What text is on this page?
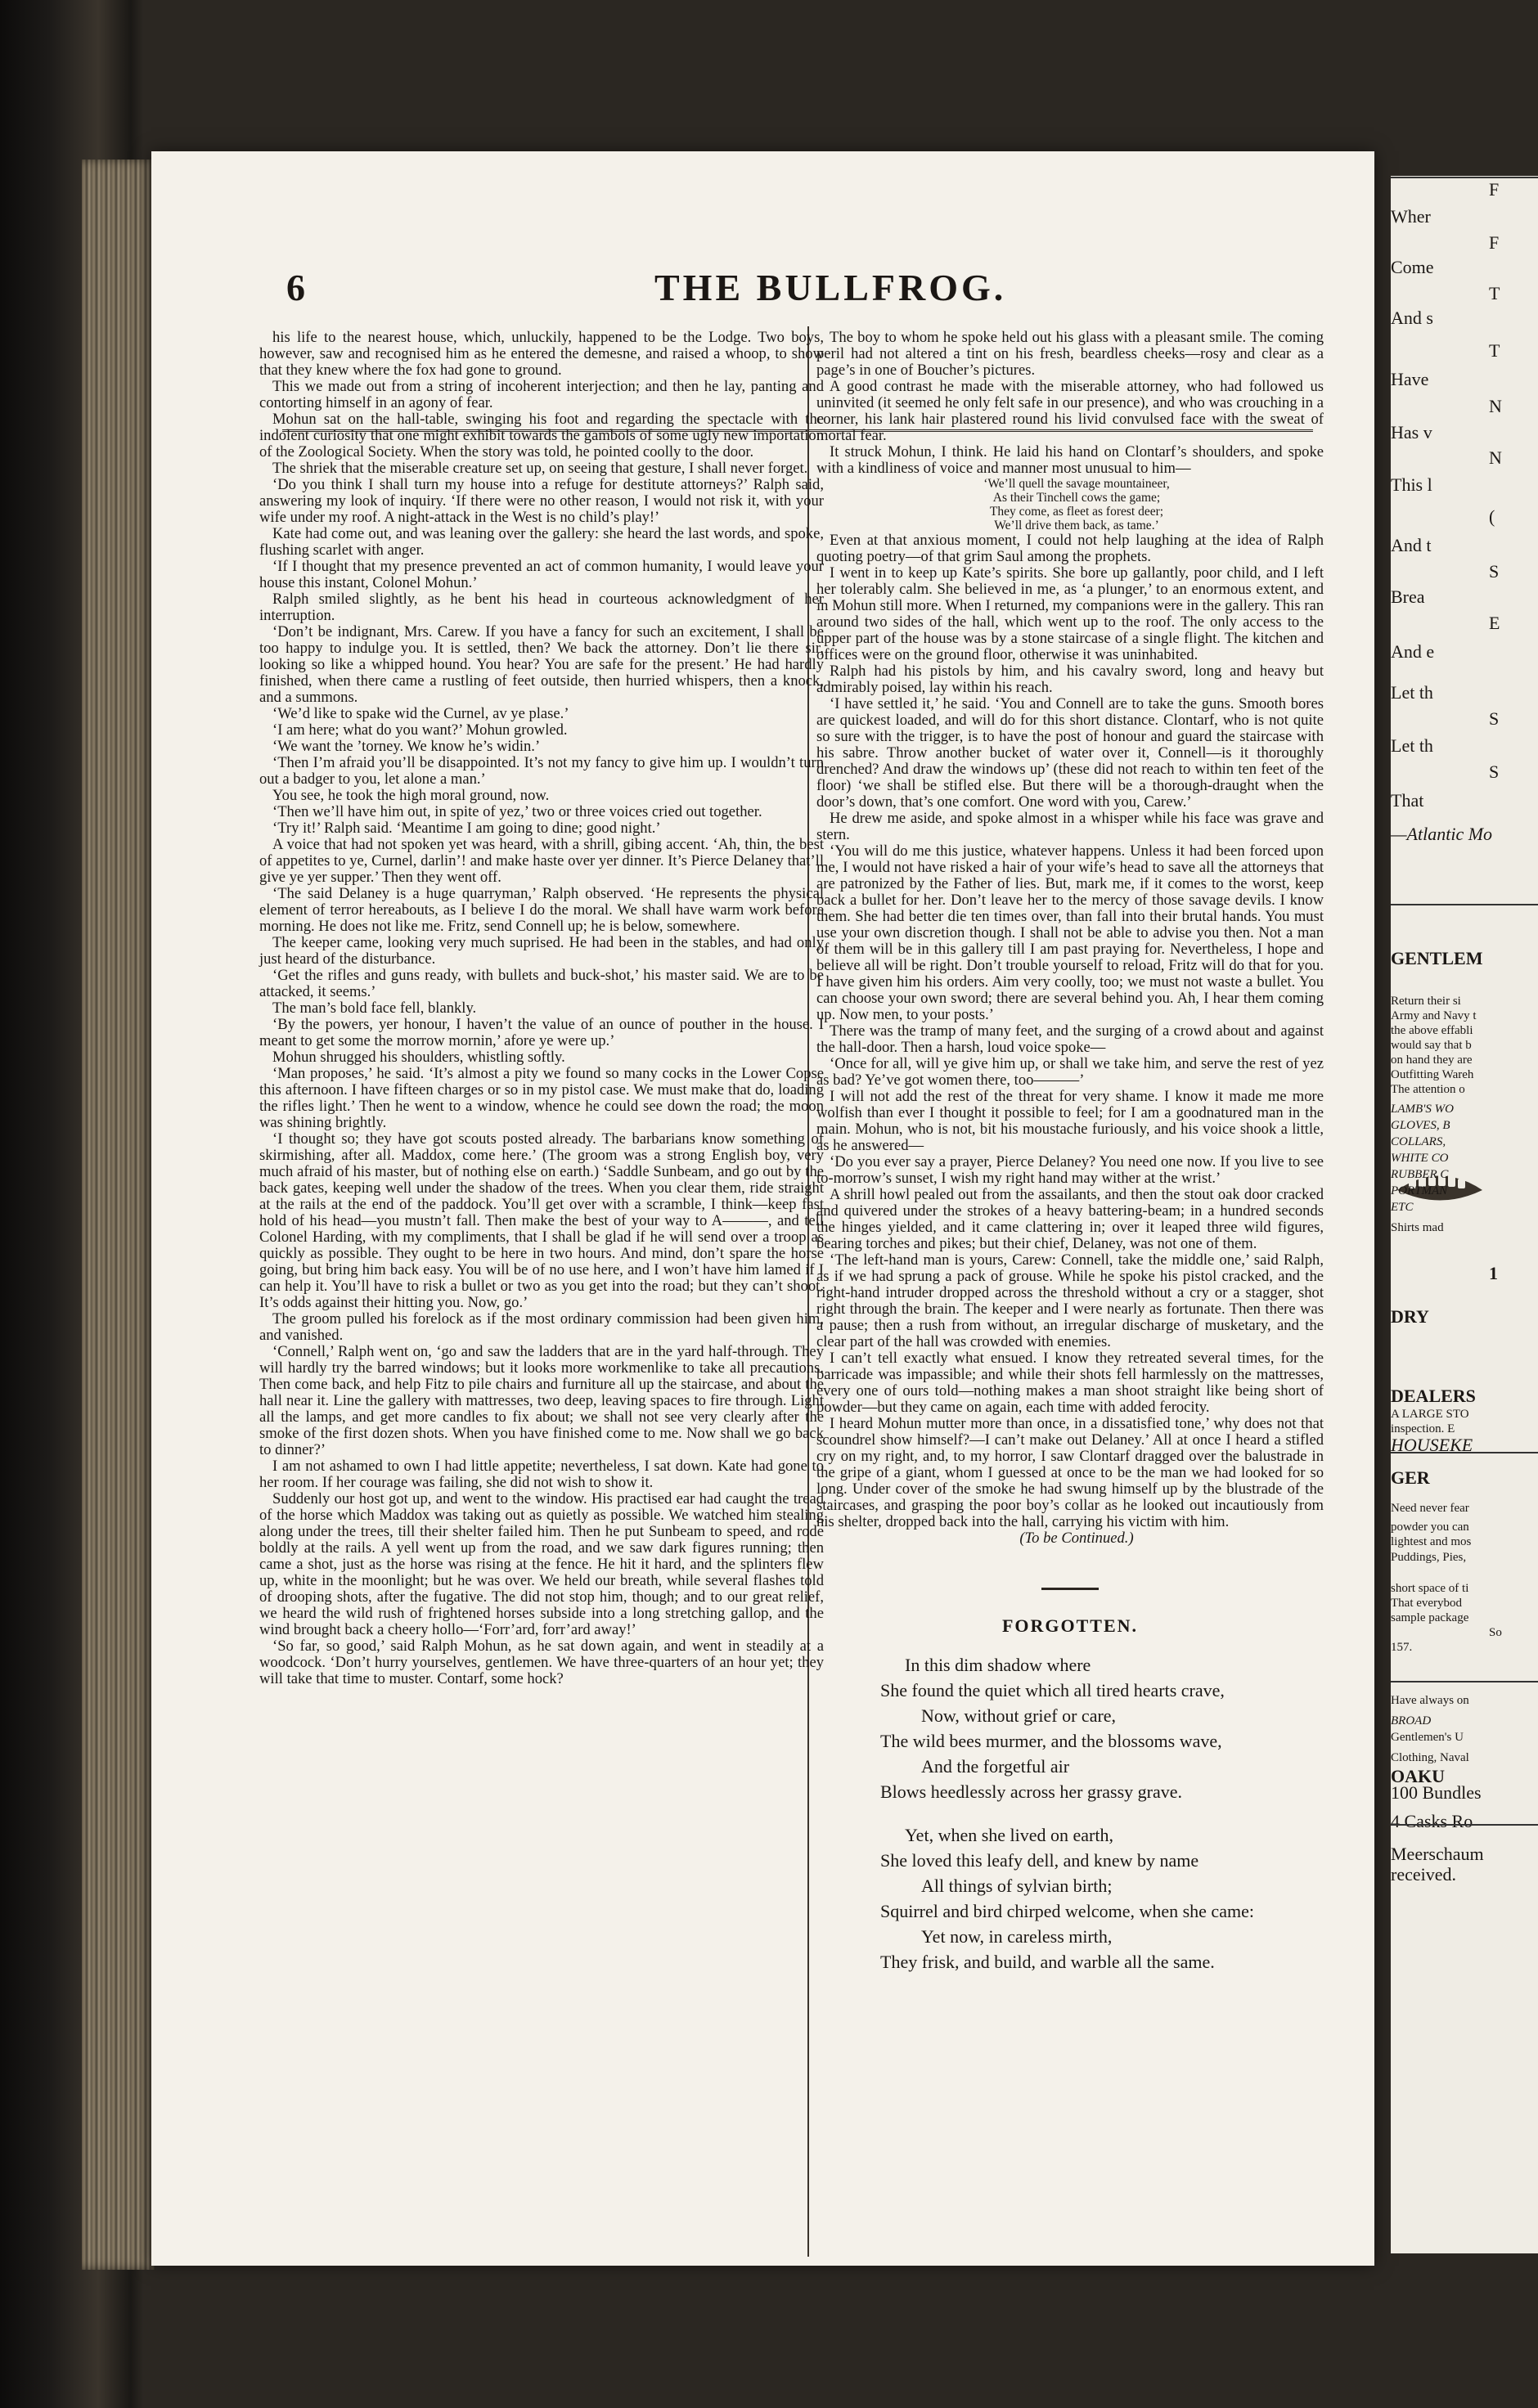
6	THE BULLFROG.

his life to the nearest house, which, unluckily, happened to be the Lodge. Two boys, however, saw and recognised him as he entered the demesne, and raised a whoop, to show that they knew where the fox had gone to ground.

This we made out from a string of incoherent interjection; and then he lay, panting and contorting himself in an agony of fear.

Mohun sat on the hall-table, swinging his foot and regarding the spectacle with the indolent curiosity that one might exhibit towards the gambols of some ugly new importation of the Zoological Society. When the story was told, he pointed coolly to the door.

The shriek that the miserable creature set up, on seeing that gesture, I shall never forget.

‘Do you think I shall turn my house into a refuge for destitute attorneys?’ Ralph said, answering my look of inquiry. ‘If there were no other reason, I would not risk it, with your wife under my roof. A night-attack in the West is no child’s play!’

Kate had come out, and was leaning over the gallery: she heard the last words, and spoke, flushing scarlet with anger.

‘If I thought that my presence prevented an act of common humanity, I would leave your house this instant, Colonel Mohun.’

Ralph smiled slightly, as he bent his head in courteous acknowledgment of her interruption.

‘Don’t be indignant, Mrs. Carew. If you have a fancy for such an excitement, I shall be too happy to indulge you. It is settled, then? We back the attorney. Don’t lie there sir, looking so like a whipped hound. You hear? You are safe for the present.’ He had hardly finished, when there came a rustling of feet outside, then hurried whispers, then a knock, and a summons.

‘We’d like to spake wid the Curnel, av ye plase.’

‘I am here; what do you want?’ Mohun growled.

‘We want the ’torney. We know he’s widin.’

‘Then I’m afraid you’ll be disappointed. It’s not my fancy to give him up. I wouldn’t turn out a badger to you, let alone a man.’

You see, he took the high moral ground, now.

‘Then we’ll have him out, in spite of yez,’ two or three voices cried out together.

‘Try it!’ Ralph said. ‘Meantime I am going to dine; good night.’

A voice that had not spoken yet was heard, with a shrill, gibing accent. ‘Ah, thin, the best of appetites to ye, Curnel, darlin’! and make haste over yer dinner. It’s Pierce Delaney that’ll give ye yer supper.’ Then they went off.

‘The said Delaney is a huge quarryman,’ Ralph observed. ‘He represents the physical element of terror hereabouts, as I believe I do the moral. We shall have warm work before morning. He does not like me. Fritz, send Connell up; he is below, somewhere.

The keeper came, looking very much suprised. He had been in the stables, and had only just heard of the disturbance.

‘Get the rifles and guns ready, with bullets and buck-shot,’ his master said. We are to be attacked, it seems.’

The man’s bold face fell, blankly.

‘By the powers, yer honour, I haven’t the value of an ounce of pouther in the house. I meant to get some the morrow mornin,’ afore ye were up.’

Mohun shrugged his shoulders, whistling softly.

‘Man proposes,’ he said. ‘It’s almost a pity we found so many cocks in the Lower Copse this afternoon. I have fifteen charges or so in my pistol case. We must make that do, loading the rifles light.’ Then he went to a window, whence he could see down the road; the moon was shining brightly.

‘I thought so; they have got scouts posted already. The barbarians know something of skirmishing, after all. Maddox, come here.’ (The groom was a strong English boy, very much afraid of his master, but of nothing else on earth.) ‘Saddle Sunbeam, and go out by the back gates, keeping well under the shadow of the trees. When you clear them, ride straight at the rails at the end of the paddock. You’ll get over with a scramble, I think—keep fast hold of his head—you mustn’t fall. Then make the best of your way to A———, and tell Colonel Harding, with my compliments, that I shall be glad if he will send over a troop as quickly as possible. They ought to be here in two hours. And mind, don’t spare the horse going, but bring him back easy. You will be of no use here, and I won’t have him lamed if I can help it. You’ll have to risk a bullet or two as you get into the road; but they can’t shoot. It’s odds against their hitting you. Now, go.’

The groom pulled his forelock as if the most ordinary commission had been given him, and vanished.

‘Connell,’ Ralph went on, ‘go and saw the ladders that are in the yard half-through. They will hardly try the barred windows; but it looks more workmenlike to take all precautions. Then come back, and help Fitz to pile chairs and furniture all up the staircase, and about the hall near it. Line the gallery with mattresses, two deep, leaving spaces to fire through. Light all the lamps, and get more candles to fix about; we shall not see very clearly after the smoke of the first dozen shots. When you have finished come to me. Now shall we go back to dinner?’

I am not ashamed to own I had little appetite; nevertheless, I sat down. Kate had gone to her room. If her courage was failing, she did not wish to show it.

Suddenly our host got up, and went to the window. His practised ear had caught the tread of the horse which Maddox was taking out as quietly as possible. We watched him stealing along under the trees, till their shelter failed him. Then he put Sunbeam to speed, and rode boldly at the rails. A yell went up from the road, and we saw dark figures running; then came a shot, just as the horse was rising at the fence. He hit it hard, and the splinters flew up, white in the moonlight; but he was over. We held our breath, while several flashes told of drooping shots, after the fugative. The did not stop him, though; and to our great relief, we heard the wild rush of frightened horses subside into a long stretching gallop, and the wind brought back a cheery hollo—‘Forr’ard, forr’ard away!’

‘So far, so good,’ said Ralph Mohun, as he sat down again, and went in steadily at a woodcock. ‘Don’t hurry yourselves, gentlemen. We have three-quarters of an hour yet; they will take that time to muster. Contarf, some hock?

The boy to whom he spoke held out his glass with a pleasant smile. The coming peril had not altered a tint on his fresh, beardless cheeks—rosy and clear as a page’s in one of Boucher’s pictures.

A good contrast he made with the miserable attorney, who had followed us uninvited (it seemed he only felt safe in our presence), and who was crouching in a corner, his lank hair plastered round his livid convulsed face with the sweat of mortal fear.

It struck Mohun, I think. He laid his hand on Clontarf’s shoulders, and spoke with a kindliness of voice and manner most unusual to him—

‘We’ll quell the savage mountaineer,

As their Tinchell cows the game;

They come, as fleet as forest deer;

We’ll drive them back, as tame.’

Even at that anxious moment, I could not help laughing at the idea of Ralph quoting poetry—of that grim Saul among the prophets.

I went in to keep up Kate’s spirits. She bore up gallantly, poor child, and I left her tolerably calm. She believed in me, as ‘a plunger,’ to an enormous extent, and in Mohun still more. When I returned, my companions were in the gallery. This ran around two sides of the hall, which went up to the roof. The only access to the upper part of the house was by a stone staircase of a single flight. The kitchen and offices were on the ground floor, otherwise it was uninhabited.

Ralph had his pistols by him, and his cavalry sword, long and heavy but admirably poised, lay within his reach.

‘I have settled it,’ he said. ‘You and Connell are to take the guns. Smooth bores are quickest loaded, and will do for this short distance. Clontarf, who is not quite so sure with the trigger, is to have the post of honour and guard the staircase with his sabre. Throw another bucket of water over it, Connell—is it thoroughly drenched? And draw the windows up’ (these did not reach to within ten feet of the floor) ‘we shall be stifled else. But there will be a thorough-draught when the door’s down, that’s one comfort. One word with you, Carew.’

He drew me aside, and spoke almost in a whisper while his face was grave and stern.

‘You will do me this justice, whatever happens. Unless it had been forced upon me, I would not have risked a hair of your wife’s head to save all the attorneys that are patronized by the Father of lies. But, mark me, if it comes to the worst, keep back a bullet for her. Don’t leave her to the mercy of those savage devils. I know them. She had better die ten times over, than fall into their brutal hands. You must use your own discretion though. I shall not be able to advise you then. Not a man of them will be in this gallery till I am past praying for. Nevertheless, I hope and believe all will be right. Don’t trouble yourself to reload, Fritz will do that for you. I have given him his orders. Aim very coolly, too; we must not waste a bullet. You can choose your own sword; there are several behind you. Ah, I hear them coming up. Now men, to your posts.’

There was the tramp of many feet, and the surging of a crowd about and against the hall-door. Then a harsh, loud voice spoke—

‘Once for all, will ye give him up, or shall we take him, and serve the rest of yez as bad? Ye’ve got women there, too———’

I will not add the rest of the threat for very shame. I know it made me more wolfish than ever I thought it possible to feel; for I am a goodnatured man in the main. Mohun, who is not, bit his moustache furiously, and his voice shook a little, as he answered—

‘Do you ever say a prayer, Pierce Delaney? You need one now. If you live to see to-morrow’s sunset, I wish my right hand may wither at the wrist.’

A shrill howl pealed out from the assailants, and then the stout oak door cracked and quivered under the strokes of a heavy battering-beam; in a hundred seconds the hinges yielded, and it came clattering in; over it leaped three wild figures, bearing torches and pikes; but their chief, Delaney, was not one of them.

‘The left-hand man is yours, Carew: Connell, take the middle one,’ said Ralph, as if we had sprung a pack of grouse. While he spoke his pistol cracked, and the right-hand intruder dropped across the threshold without a cry or a stagger, shot right through the brain. The keeper and I were nearly as fortunate. Then there was a pause; then a rush from without, an irregular discharge of musketary, and the clear part of the hall was crowded with enemies.

I can’t tell exactly what ensued. I know they retreated several times, for the barricade was impassible; and while their shots fell harmlessly on the mattresses, every one of ours told—nothing makes a man shoot straight like being short of powder—but they came on again, each time with added ferocity.

I heard Mohun mutter more than once, in a dissatisfied tone,’ why does not that scoundrel show himself?—I can’t make out Delaney.’ All at once I heard a stifled cry on my right, and, to my horror, I saw Clontarf dragged over the balustrade in the gripe of a giant, whom I guessed at once to be the man we had looked for so long. Under cover of the smoke he had swung himself up by the blustrade of the staircases, and grasping the poor boy’s collar as he looked out incautiously from his shelter, dropped back into the hall, carrying his victim with him.

(To be Continued.)

FORGOTTEN.
In this dim shadow where
She found the quiet which all tired hearts crave,
Now, without grief or care,
The wild bees murmer, and the blossoms wave,
And the forgetful air
Blows heedlessly across her grassy grave.
Yet, when she lived on earth,
She loved this leafy dell, and knew by name
All things of sylvian birth;
Squirrel and bird chirped welcome, when she came:
Yet now, in careless mirth,
They frisk, and build, and warble all the same.
F
Wher
F
Come
T
And s
T
Have
N
Has v
N
This l
(
And t
S
Brea
E
And e
Let th
S
Let th
S
That
—Atlantic Mo
GENTLEM
Return their si
Army and Navy t
the above effabli
would say that b
on hand they are
Outfitting Wareh
The attention o
LAMB'S WO
GLOVES, B
COLLARS,
WHITE CO
RUBBER C
PORTMAN
ETC
Shirts mad
1
DRY
DEALERS
A LARGE STO
inspection. E
HOUSEKE
GER
Need never fear
powder you can
lightest and mos
Puddings, Pies,
short space of ti
That everybod
sample package
So
157.
Have always on
BROAD
Gentlemen's U
Clothing, Naval
OAKU
100 Bundles
4 Casks Ro
Meerschaum
received.
